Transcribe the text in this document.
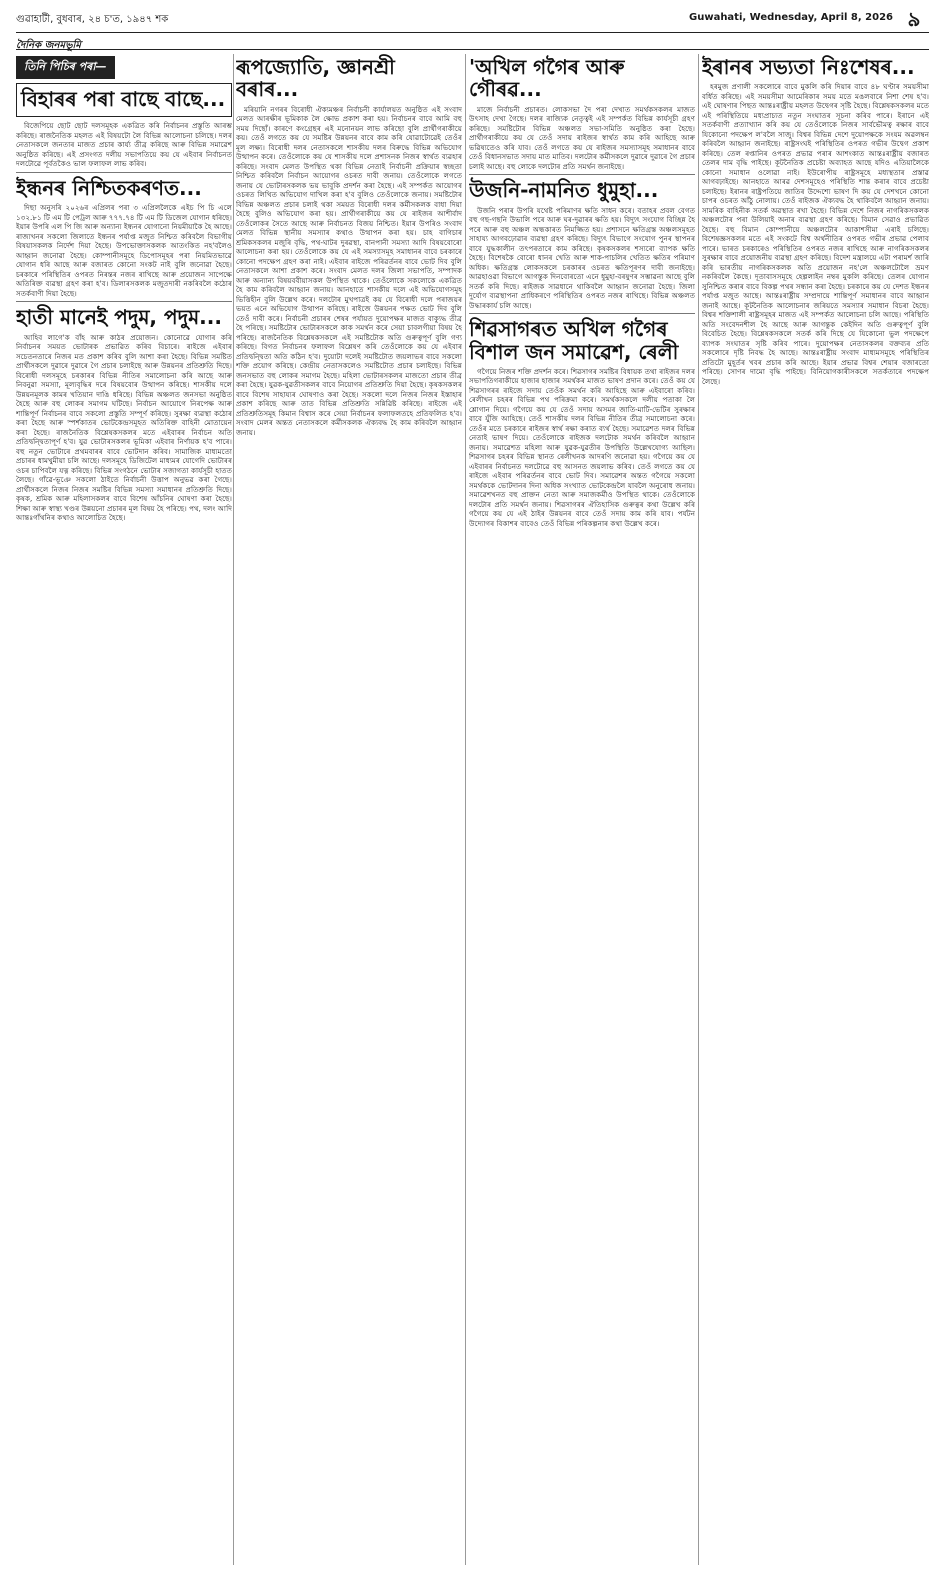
গুৱাহাটী, বুধবাৰ, ২৪ চ'ত, ১৯৪৭ শক	Guwahati, Wednesday, April 8, 2026 ৯
দৈনিক জনমভূমি
তিনি পিচিৰ পৰা—
বিহাৰৰ পৰা বাছে বাছে...

বিজেপিয়ে ছোট ছোট দলসমূহক একত্ৰিত কৰি নিৰ্বাচনৰ প্ৰস্তুতি আৰম্ভ কৰিছে। ৰাজনৈতিক মহলত এই বিষয়টো লৈ বিভিন্ন আলোচনা চলিছে। দলৰ নেতাসকলে জনতাৰ মাজত প্ৰচাৰ কাৰ্য্য তীব্ৰ কৰিছে আৰু বিভিন্ন সমাৱেশ অনুষ্ঠিত কৰিছে। এই প্ৰসংগত দলীয় সভাপতিয়ে কয় যে এইবাৰ নিৰ্বাচনত দলটোৱে পূৰ্বতকৈও ভাল ফলাফল লাভ কৰিব।

ইন্ধনৰ নিশ্চিতকৰণত...

দিছা অনুসৰি ২০২৬ৰ এপ্ৰিলৰ পৰা ৩ এপ্ৰিললৈকে এইচ পি চি এলে ১৩২.৮১ টি এম টি পেট্ৰল আৰু ৭৭৭.৭৪ টি এম টি ডিজেল যোগান ধৰিছে। ইয়াৰ উপৰি এল পি জি আৰু অন্যান্য ইন্ধনৰ যোগানো নিয়মীয়াকৈ হৈ আছে। ৰাজ্যখনৰ সকলো জিলাতে ইন্ধনৰ পৰ্যাপ্ত মজুত নিশ্চিত কৰিবলৈ বিভাগীয় বিষয়াসকলক নিৰ্দেশ দিয়া হৈছে। উপভোক্তাসকলক আতংকিত নহ'বলৈও আহ্বান জনোৱা হৈছে। কোম্পানীসমূহে ডিপোসমূহৰ পৰা নিয়মিতভাৱে যোগান ধৰি আছে আৰু বজাৰত কোনো সংকট নাই বুলি জনোৱা হৈছে। চৰকাৰে পৰিস্থিতিৰ ওপৰত নিৰন্তৰ নজৰ ৰাখিছে আৰু প্ৰয়োজন সাপেক্ষে অতিৰিক্ত ব্যৱস্থা গ্ৰহণ কৰা হ'ব। ডিলাৰসকলক মজুতদাৰী নকৰিবলৈ কঠোৰ সতৰ্কবাণী দিয়া হৈছে।

হাতী মানেই পদুম, পদুম...

আহিব লাগে'ক বাঁহ আৰু কাঠৰ প্ৰয়োজন। কোনোৱে যোগাৰ কৰি নিৰ্বাচনৰ সময়ত ভোটাৰক প্ৰভাৱিত কৰিব বিচাৰে। ৰাইজে এইবাৰ সচেতনতাৰে নিজৰ মত প্ৰকাশ কৰিব বুলি আশা কৰা হৈছে। বিভিন্ন সমষ্টিত প্ৰাৰ্থীসকলে দুৱাৰে দুৱাৰে গৈ প্ৰচাৰ চলাইছে আৰু উন্নয়নৰ প্ৰতিশ্ৰুতি দিছে। বিৰোধী দলসমূহে চৰকাৰৰ বিভিন্ন নীতিৰ সমালোচনা কৰি আছে আৰু নিবনুৱা সমস্যা, মূল্যবৃদ্ধিৰ দৰে বিষয়বোৰ উত্থাপন কৰিছে। শাসকীয় দলে উন্নয়নমূলক কামৰ খতিয়ান দাঙি ধৰিছে। বিভিন্ন অঞ্চলত জনসভা অনুষ্ঠিত হৈছে আৰু বহু লোকৰ সমাগম ঘটিছে। নিৰ্বাচন আয়োগে নিৰপেক্ষ আৰু শান্তিপূৰ্ণ নিৰ্বাচনৰ বাবে সকলো প্ৰস্তুতি সম্পূৰ্ণ কৰিছে। সুৰক্ষা ব্যৱস্থা কঠোৰ কৰা হৈছে আৰু স্পৰ্শকাতৰ ভোটকেন্দ্ৰসমূহত অতিৰিক্ত বাহিনী মোতায়েন কৰা হৈছে। ৰাজনৈতিক বিশ্লেষকসকলৰ মতে এইবাৰৰ নিৰ্বাচন অতি প্ৰতিদ্বন্দ্বিতাপূৰ্ণ হ'ব। যুৱ ভোটাৰসকলৰ ভূমিকা এইবাৰ নিৰ্ণায়ক হ'ব পাৰে। বহু নতুন ভোটাৰে প্ৰথমবাৰৰ বাবে ভোটদান কৰিব। সামাজিক মাধ্যমতো প্ৰচাৰৰ ধামখুমীয়া চলি আছে। দলসমূহে ডিজিটেল মাধ্যমৰ যোগেদি ভোটাৰৰ ওচৰ চাপিবলৈ যত্ন কৰিছে। বিভিন্ন সংগঠনে ভোটাৰ সজাগতা কাৰ্যসূচী হাতত লৈছে। গাঁৱে-ভূঞে সকলো ঠাইতে নিৰ্বাচনী উত্তাপ অনুভৱ কৰা গৈছে। প্ৰাৰ্থীসকলে নিজৰ নিজৰ সমষ্টিৰ বিভিন্ন সমস্যা সমাধানৰ প্ৰতিশ্ৰুতি দিছে। কৃষক, শ্ৰমিক আৰু মহিলাসকলৰ বাবে বিশেষ আঁচনিৰ ঘোষণা কৰা হৈছে। শিক্ষা আৰু স্বাস্থ্য খণ্ডৰ উন্নয়নো প্ৰচাৰৰ মূল বিষয় হৈ পৰিছে। পথ, দলং আদি আন্তঃগাঁথনিৰ কথাও আলোচিত হৈছে।

ৰূপজ্যোতি, জ্ঞানশ্ৰী বৰাৰ...

মৰিয়ানি নগৰৰ বিৰোধী ঐক্যমঞ্চৰ নিৰ্বাচনী কাৰ্যালয়ত অনুষ্ঠিত এই সংবাদ মেলত আৰক্ষীৰ ভূমিকাক লৈ ক্ষোভ প্ৰকাশ কৰা হয়। নিৰ্বাচনৰ বাবে আমি বহু সময় দিছোঁ। কাৰণে কংগ্ৰেছৰ এই মনোনয়ন লাভ কৰিছো বুলি প্ৰাৰ্থীগৰাকীয়ে কয়। তেওঁ লগতে কয় যে সমষ্টিৰ উন্নয়নৰ বাবে কাম কৰি যোৱাটোৱেই তেওঁৰ মূল লক্ষ্য। বিৰোধী দলৰ নেতাসকলে শাসকীয় দলৰ বিৰুদ্ধে বিভিন্ন অভিযোগ উত্থাপন কৰে। তেওঁলোকে কয় যে শাসকীয় দলে প্ৰশাসনক নিজৰ স্বাৰ্থত ব্যৱহাৰ কৰিছে। সংবাদ মেলত উপস্থিত থকা বিভিন্ন নেতাই নিৰ্বাচনী প্ৰক্ৰিয়াৰ স্বচ্ছতা নিশ্চিত কৰিবলৈ নিৰ্বাচন আয়োগৰ ওচৰত দাবী জনায়। তেওঁলোকে লগতে জনায় যে ভোটাৰসকলক ভয় ভাবুকি প্ৰদৰ্শন কৰা হৈছে। এই সম্পৰ্কত আয়োগৰ ওচৰত লিখিত অভিযোগ দাখিল কৰা হ'ব বুলিও তেওঁলোকে জনায়। সমষ্টিটোৰ বিভিন্ন অঞ্চলত প্ৰচাৰ চলাই থকা সময়ত বিৰোধী দলৰ কৰ্মীসকলক বাধা দিয়া হৈছে বুলিও অভিযোগ কৰা হয়। প্ৰাৰ্থীগৰাকীয়ে কয় যে ৰাইজৰ আশীৰ্বাদ তেওঁলোকৰ সৈতে আছে আৰু নিৰ্বাচনত বিজয় নিশ্চিত। ইয়াৰ উপৰিও সংবাদ মেলত বিভিন্ন স্থানীয় সমস্যাৰ কথাও উত্থাপন কৰা হয়। চাহ বাগিচাৰ শ্ৰমিকসকলৰ মজুৰি বৃদ্ধি, পথ-ঘাটৰ দুৰৱস্থা, বানপানী সমস্যা আদি বিষয়বোৰো আলোচনা কৰা হয়। তেওঁলোকে কয় যে এই সমস্যাসমূহ সমাধানৰ বাবে চৰকাৰে কোনো পদক্ষেপ গ্ৰহণ কৰা নাই। এইবাৰ ৰাইজে পৰিৱৰ্তনৰ বাবে ভোট দিব বুলি নেতাসকলে আশা প্ৰকাশ কৰে। সংবাদ মেলত দলৰ জিলা সভাপতি, সম্পাদক আৰু অন্যান্য বিষয়ববীয়াসকল উপস্থিত থাকে। তেওঁলোকে সকলোকে একত্ৰিত হৈ কাম কৰিবলৈ আহ্বান জনায়। আনহাতে শাসকীয় দলে এই অভিযোগসমূহ ভিত্তিহীন বুলি উল্লেখ কৰে। দলটোৰ মুখপাত্ৰই কয় যে বিৰোধী দলে পৰাজয়ৰ ভয়ত এনে অভিযোগ উত্থাপন কৰিছে। ৰাইজে উন্নয়নৰ পক্ষত ভোট দিব বুলি তেওঁ দাবী কৰে। নিৰ্বাচনী প্ৰচাৰৰ শেষৰ পৰ্যায়ত দুয়োপক্ষৰ মাজত বাক্যুদ্ধ তীব্ৰ হৈ পৰিছে। সমষ্টিটোৰ ভোটাৰসকলে কাক সমৰ্থন কৰে সেয়া চাবলগীয়া বিষয় হৈ পৰিছে। ৰাজনৈতিক বিশ্লেষকসকলে এই সমষ্টিটোক অতি গুৰুত্বপূৰ্ণ বুলি গণ্য কৰিছে। বিগত নিৰ্বাচনৰ ফলাফল বিশ্লেষণ কৰি তেওঁলোকে কয় যে এইবাৰ প্ৰতিদ্বন্দ্বিতা অতি কঠিন হ'ব। দুয়োটা দলেই সমষ্টিটোত জয়লাভৰ বাবে সকলো শক্তি প্ৰয়োগ কৰিছে। কেন্দ্ৰীয় নেতাসকলেও সমষ্টিটোত প্ৰচাৰ চলাইছে। বিভিন্ন জনসভাত বহু লোকৰ সমাগম হৈছে। মহিলা ভোটাৰসকলৰ মাজতো প্ৰচাৰ তীব্ৰ কৰা হৈছে। যুৱক-যুৱতীসকলৰ বাবে নিয়োগৰ প্ৰতিশ্ৰুতি দিয়া হৈছে। কৃষকসকলৰ বাবে বিশেষ সাহায্যৰ ঘোষণাও কৰা হৈছে। সকলো দলে নিজৰ নিজৰ ইস্তাহাৰ প্ৰকাশ কৰিছে আৰু তাত বিভিন্ন প্ৰতিশ্ৰুতি সন্নিৱিষ্ট কৰিছে। ৰাইজে এই প্ৰতিশ্ৰুতিসমূহ কিমান বিশ্বাস কৰে সেয়া নিৰ্বাচনৰ ফলাফলতহে প্ৰতিফলিত হ'ব। সংবাদ মেলৰ অন্তত নেতাসকলে কৰ্মীসকলক ঐক্যবদ্ধ হৈ কাম কৰিবলৈ আহ্বান জনায়।

'অখিল গগৈৰ আৰু গৌৰৱ...

মাজে নিৰ্বাচনী প্ৰচাৰত। লোকসভা দৈ পৰা দেখাত সমৰ্থকসকলৰ মাজত উৎসাহ দেখা গৈছে। দলৰ ৰাজ্যিক নেতৃত্বই এই সম্পৰ্কত বিভিন্ন কাৰ্যসূচী গ্ৰহণ কৰিছে। সমষ্টিটোৰ বিভিন্ন অঞ্চলত সভা-সমিতি অনুষ্ঠিত কৰা হৈছে। প্ৰাৰ্থীগৰাকীয়ে কয় যে তেওঁ সদায় ৰাইজৰ স্বাৰ্থত কাম কৰি আহিছে আৰু ভৱিষ্যতেও কৰি যাব। তেওঁ লগতে কয় যে ৰাইজৰ সমস্যাসমূহ সমাধানৰ বাবে তেওঁ বিধানসভাত সদায় মাত মাতিব। দলটোৰ কৰ্মীসকলে দুৱাৰে দুৱাৰে গৈ প্ৰচাৰ চলাই আছে। বহু লোকে দলটোৰ প্ৰতি সমৰ্থন জনাইছে।

উজনি-নামনিত ধুমুহা...

উজনি পৰাৰ উপৰি যথেষ্ট পৰিমাণৰ ক্ষতি সাধন কৰে। বতাহৰ প্ৰবল বেগত বহু গছ-গছনি উভালি পৰে আৰু ঘৰ-দুৱাৰৰ ক্ষতি হয়। বিদ্যুৎ সংযোগ বিচ্ছিন্ন হৈ পৰে আৰু বহু অঞ্চল অন্ধকাৰত নিমজ্জিত হয়। প্ৰশাসনে ক্ষতিগ্ৰস্ত অঞ্চলসমূহত সাহায্য আগবঢ়োৱাৰ ব্যৱস্থা গ্ৰহণ কৰিছে। বিদ্যুৎ বিভাগে সংযোগ পুনৰ স্থাপনৰ বাবে যুদ্ধকালীন তৎপৰতাৰে কাম কৰিছে। কৃষকসকলৰ শস্যৰো ব্যাপক ক্ষতি হৈছে। বিশেষকৈ বোৰো ধানৰ খেতি আৰু শাক-পাচলিৰ খেতিত ক্ষতিৰ পৰিমাণ অধিক। ক্ষতিগ্ৰস্ত লোকসকলে চৰকাৰৰ ওচৰত ক্ষতিপূৰণৰ দাবী জনাইছে। আৱহাওৱা বিভাগে আগন্তুক দিনবোৰতো এনে ধুমুহা-বৰষুণৰ সম্ভাৱনা আছে বুলি সতৰ্ক কৰি দিছে। ৰাইজক সাৱধানে থাকিবলৈ আহ্বান জনোৱা হৈছে। জিলা দুৰ্যোগ ব্যৱস্থাপনা প্ৰাধিকৰণে পৰিস্থিতিৰ ওপৰত নজৰ ৰাখিছে। বিভিন্ন অঞ্চলত উদ্ধাৰকাৰ্য চলি আছে।

শিৱসাগৰত অখিল গগৈৰ বিশাল জন সমাৱেশ, ৰেলী

গগৈয়ে নিজৰ শক্তি প্ৰদৰ্শন কৰে। শিৱসাগৰ সমষ্টিৰ বিধায়ক তথা ৰাইজৰ দলৰ সভাপতিগৰাকীয়ে হাজাৰ হাজাৰ সমৰ্থকৰ মাজত ভাষণ প্ৰদান কৰে। তেওঁ কয় যে শিৱসাগৰৰ ৰাইজে সদায় তেওঁক সমৰ্থন কৰি আহিছে আৰু এইবাৰো কৰিব। ৰেলীখন চহৰৰ বিভিন্ন পথ পৰিক্ৰমা কৰে। সমৰ্থকসকলে দলীয় পতাকা লৈ শ্লোগান দিয়ে। গগৈয়ে কয় যে তেওঁ সদায় অসমৰ জাতি-মাটি-ভেটিৰ সুৰক্ষাৰ বাবে যুঁজি আহিছে। তেওঁ শাসকীয় দলৰ বিভিন্ন নীতিৰ তীব্ৰ সমালোচনা কৰে। তেওঁৰ মতে চৰকাৰে ৰাইজৰ স্বাৰ্থ ৰক্ষা কৰাত ব্যৰ্থ হৈছে। সমাৱেশত দলৰ বিভিন্ন নেতাই ভাষণ দিয়ে। তেওঁলোকে ৰাইজক দলটোক সমৰ্থন কৰিবলৈ আহ্বান জনায়। সমাৱেশত মহিলা আৰু যুৱক-যুৱতীৰ উপস্থিতি উল্লেখযোগ্য আছিল। শিৱসাগৰ চহৰৰ বিভিন্ন স্থানত ৰেলীখনক আদৰণি জনোৱা হয়। গগৈয়ে কয় যে এইবাৰৰ নিৰ্বাচনত দলটোৱে বহু আসনত জয়লাভ কৰিব। তেওঁ লগতে কয় যে ৰাইজে এইবাৰ পৰিৱৰ্তনৰ বাবে ভোট দিব। সমাৱেশৰ অন্তত গগৈয়ে সকলো সমৰ্থককে ভোটদানৰ দিনা অধিক সংখ্যাত ভোটকেন্দ্ৰলৈ যাবলৈ অনুৰোধ জনায়। সমাৱেশখনত বহু প্ৰাক্তন নেতা আৰু সমাজকৰ্মীও উপস্থিত থাকে। তেওঁলোকে দলটোৰ প্ৰতি সমৰ্থন জনায়। শিৱসাগৰৰ ঐতিহাসিক গুৰুত্বৰ কথা উল্লেখ কৰি গগৈয়ে কয় যে এই ঠাইৰ উন্নয়নৰ বাবে তেওঁ সদায় কাম কৰি যাব। পৰ্যটন উদ্যোগৰ বিকাশৰ বাবেও তেওঁ বিভিন্ন পৰিকল্পনাৰ কথা উল্লেখ কৰে।

ইৰানৰ সভ্যতা নিঃশেষৰ...

হৰমুজ প্ৰণালী সকলোৰে বাবে মুকলি কৰি দিয়াৰ বাবে ৪৮ ঘণ্টাৰ সময়সীমা বৰ্ধিত কৰিছে। এই সময়সীমা আমেৰিকাৰ সময় মতে মঙলবাৰে নিশা শেষ হ'ব। এই ঘোষণাৰ পিছত আন্তঃৰাষ্ট্ৰীয় মহলত উদ্বেগৰ সৃষ্টি হৈছে। বিশ্লেষকসকলৰ মতে এই পৰিস্থিতিয়ে মধ্যপ্ৰাচ্যত নতুন সংঘাতৰ সূচনা কৰিব পাৰে। ইৰানে এই সতৰ্কবাণী প্ৰত্যাখ্যান কৰি কয় যে তেওঁলোকে নিজৰ সাৰ্বভৌমত্ব ৰক্ষাৰ বাবে যিকোনো পদক্ষেপ ল'বলৈ সাজু। বিশ্বৰ বিভিন্ন দেশে দুয়োপক্ষকে সংযম অৱলম্বন কৰিবলৈ আহ্বান জনাইছে। ৰাষ্ট্ৰসংঘই পৰিস্থিতিৰ ওপৰত গভীৰ উদ্বেগ প্ৰকাশ কৰিছে। তেল ৰপ্তানিৰ ওপৰত প্ৰভাৱ পৰাৰ আশংকাত আন্তঃৰাষ্ট্ৰীয় বজাৰত তেলৰ দাম বৃদ্ধি পাইছে। কূটনৈতিক প্ৰচেষ্টা অব্যাহত আছে যদিও এতিয়ালৈকে কোনো সমাধান ওলোৱা নাই। ইউৰোপীয় ৰাষ্ট্ৰসমূহে মধ্যস্থতাৰ প্ৰস্তাৱ আগবঢ়াইছে। আনহাতে আৰৱ দেশসমূহেও পৰিস্থিতি শান্ত কৰাৰ বাবে প্ৰচেষ্টা চলাইছে। ইৰানৰ ৰাষ্ট্ৰপতিয়ে জাতিৰ উদ্দেশ্যে ভাষণ দি কয় যে দেশখনে কোনো চাপৰ ওচৰত আঁঠু নোলায়। তেওঁ ৰাইজক ঐক্যবদ্ধ হৈ থাকিবলৈ আহ্বান জনায়। সামৰিক বাহিনীক সতৰ্ক অৱস্থাত ৰখা হৈছে। বিভিন্ন দেশে নিজৰ নাগৰিকসকলক অঞ্চলটোৰ পৰা উলিয়াই অনাৰ ব্যৱস্থা গ্ৰহণ কৰিছে। বিমান সেৱাও প্ৰভাৱিত হৈছে। বহু বিমান কোম্পানীয়ে অঞ্চলটোৰ আকাশসীমা এৰাই চলিছে। বিশেষজ্ঞসকলৰ মতে এই সংকটে বিশ্ব অৰ্থনীতিৰ ওপৰত গভীৰ প্ৰভাৱ পেলাব পাৰে। ভাৰত চৰকাৰেও পৰিস্থিতিৰ ওপৰত নজৰ ৰাখিছে আৰু নাগৰিকসকলৰ সুৰক্ষাৰ বাবে প্ৰয়োজনীয় ব্যৱস্থা গ্ৰহণ কৰিছে। বিদেশ মন্ত্ৰালয়ে এটা পৰামৰ্শ জাৰি কৰি ভাৰতীয় নাগৰিকসকলক অতি প্ৰয়োজন নহ'লে অঞ্চলটোলৈ ভ্ৰমণ নকৰিবলৈ কৈছে। দূতাবাসসমূহে হেল্পলাইন নম্বৰ মুকলি কৰিছে। তেলৰ যোগান সুনিশ্চিত কৰাৰ বাবে বিকল্প পথৰ সন্ধান কৰা হৈছে। চৰকাৰে কয় যে দেশত ইন্ধনৰ পৰ্যাপ্ত মজুত আছে। আন্তঃৰাষ্ট্ৰীয় সম্প্ৰদায়ে শান্তিপূৰ্ণ সমাধানৰ বাবে আহ্বান জনাই আছে। কূটনৈতিক আলোচনাৰ জৰিয়তে সমস্যাৰ সমাধান বিচৰা হৈছে। বিশ্বৰ শক্তিশালী ৰাষ্ট্ৰসমূহৰ মাজত এই সম্পৰ্কত আলোচনা চলি আছে। পৰিস্থিতি অতি সংবেদনশীল হৈ আছে আৰু আগন্তুক কেইদিন অতি গুৰুত্বপূৰ্ণ বুলি বিবেচিত হৈছে। বিশ্লেষকসকলে সতৰ্ক কৰি দিছে যে যিকোনো ভুল পদক্ষেপে ব্যাপক সংঘাতৰ সৃষ্টি কৰিব পাৰে। দুয়োপক্ষৰ নেতাসকলৰ বক্তব্যৰ প্ৰতি সকলোৰে দৃষ্টি নিবদ্ধ হৈ আছে। আন্তঃৰাষ্ট্ৰীয় সংবাদ মাধ্যমসমূহে পৰিস্থিতিৰ প্ৰতিটো মুহূৰ্তৰ খবৰ প্ৰচাৰ কৰি আছে। ইয়াৰ প্ৰভাৱ বিশ্বৰ শেয়াৰ বজাৰতো পৰিছে। সোণৰ দামো বৃদ্ধি পাইছে। বিনিয়োগকাৰীসকলে সতৰ্কতাৰে পদক্ষেপ লৈছে।
